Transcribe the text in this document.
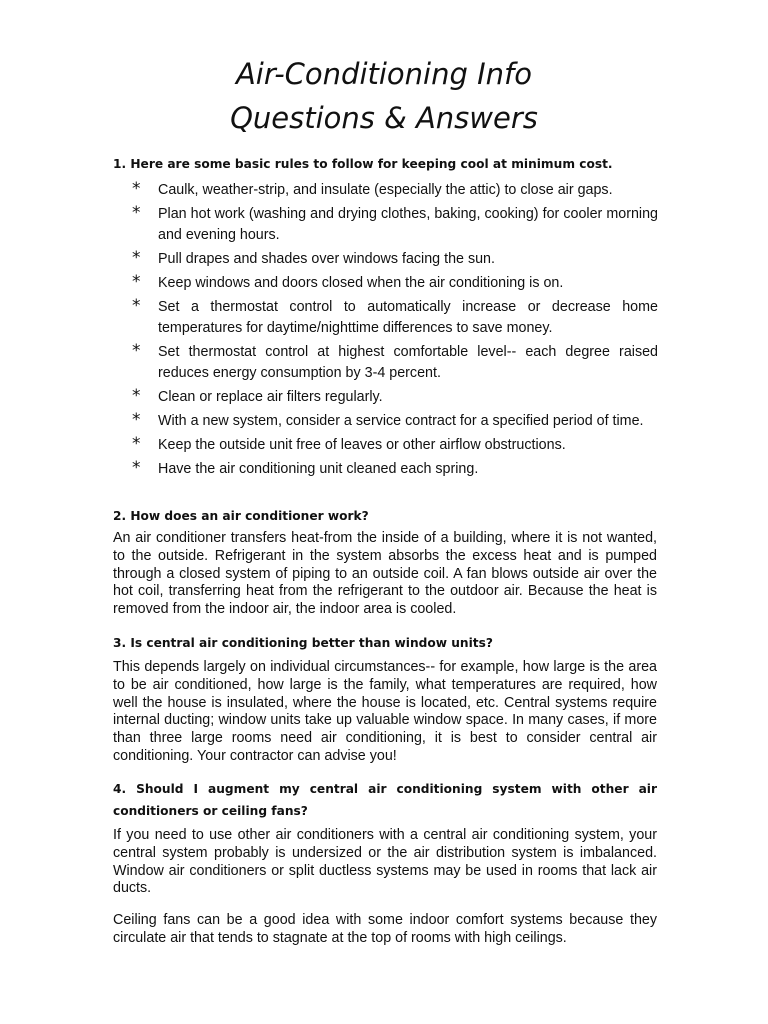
Air-Conditioning Info
Questions & Answers
1. Here are some basic rules to follow for keeping cool at minimum cost.
* Caulk, weather-strip, and insulate (especially the attic) to close air gaps.
* Plan hot work (washing and drying clothes, baking, cooking) for cooler morning and evening hours.
* Pull drapes and shades over windows facing the sun.
* Keep windows and doors closed when the air conditioning is on.
* Set a thermostat control to automatically increase or decrease home temperatures for daytime/nighttime differences to save money.
* Set thermostat control at highest comfortable level-- each degree raised reduces energy consumption by 3-4 percent.
* Clean or replace air filters regularly.
* With a new system, consider a service contract for a specified period of time.
* Keep the outside unit free of leaves or other airflow obstructions.
* Have the air conditioning unit cleaned each spring.
2. How does an air conditioner work?

An air conditioner transfers heat-from the inside of a building, where it is not wanted, to the outside. Refrigerant in the system absorbs the excess heat and is pumped through a closed system of piping to an outside coil. A fan blows outside air over the hot coil, transferring heat from the refrigerant to the outdoor air. Because the heat is removed from the indoor air, the indoor area is cooled.

3. Is central air conditioning better than window units?

This depends largely on individual circumstances-- for example, how large is the area to be air conditioned, how large is the family, what temperatures are required, how well the house is insulated, where the house is located, etc. Central systems require internal ducting; window units take up valuable window space. In many cases, if more than three large rooms need air conditioning, it is best to consider central air conditioning. Your contractor can advise you!

4. Should I augment my central air conditioning system with other air conditioners or ceiling fans?

If you need to use other air conditioners with a central air conditioning system, your central system probably is undersized or the air distribution system is imbalanced. Window air conditioners or split ductless systems may be used in rooms that lack air ducts.

Ceiling fans can be a good idea with some indoor comfort systems because they circulate air that tends to stagnate at the top of rooms with high ceilings.
